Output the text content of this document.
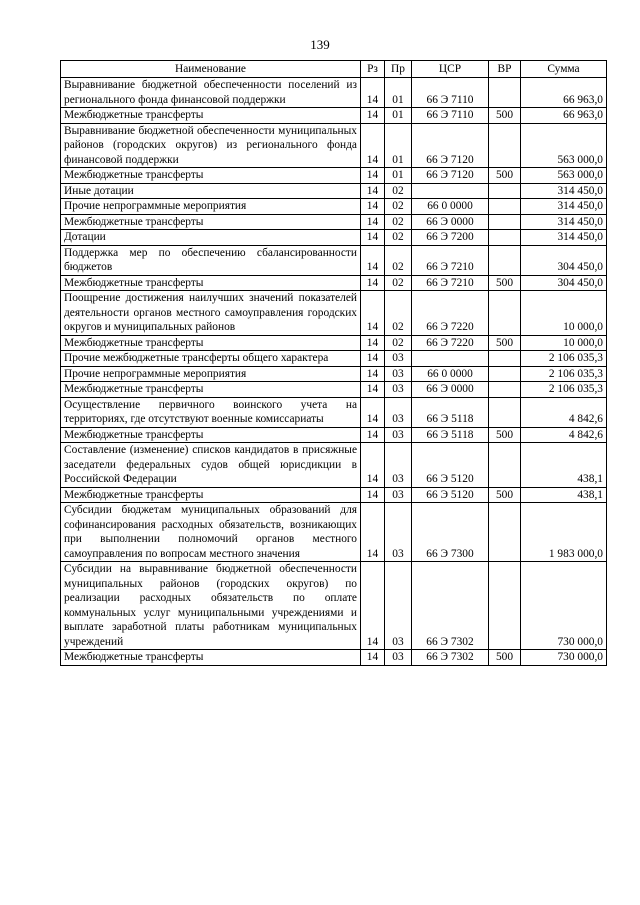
139
Наименование	Рз	Пр	ЦСР	ВР	Сумма
Выравнивание бюджетной обеспеченности поселений из регионального фонда финансовой поддержки	14	01	66 Э 7110		66 963,0
Межбюджетные трансферты	14	01	66 Э 7110	500	66 963,0
Выравнивание бюджетной обеспеченности муниципальных районов (городских округов) из регионального фонда финансовой поддержки	14	01	66 Э 7120		563 000,0
Межбюджетные трансферты	14	01	66 Э 7120	500	563 000,0
Иные дотации	14	02			314 450,0
Прочие непрограммные мероприятия	14	02	66 0 0000		314 450,0
Межбюджетные трансферты	14	02	66 Э 0000		314 450,0
Дотации	14	02	66 Э 7200		314 450,0
Поддержка мер по обеспечению сбалансированности бюджетов	14	02	66 Э 7210		304 450,0
Межбюджетные трансферты	14	02	66 Э 7210	500	304 450,0
Поощрение достижения наилучших значений показателей деятельности органов местного самоуправления городских округов и муниципальных районов	14	02	66 Э 7220		10 000,0
Межбюджетные трансферты	14	02	66 Э 7220	500	10 000,0
Прочие межбюджетные трансферты общего характера	14	03			2 106 035,3
Прочие непрограммные мероприятия	14	03	66 0 0000		2 106 035,3
Межбюджетные трансферты	14	03	66 Э 0000		2 106 035,3
Осуществление первичного воинского учета на территориях, где отсутствуют военные комиссариаты	14	03	66 Э 5118		4 842,6
Межбюджетные трансферты	14	03	66 Э 5118	500	4 842,6
Составление (изменение) списков кандидатов в присяжные заседатели федеральных судов общей юрисдикции в Российской Федерации	14	03	66 Э 5120		438,1
Межбюджетные трансферты	14	03	66 Э 5120	500	438,1
Субсидии бюджетам муниципальных образований для софинансирования расходных обязательств, возникающих при выполнении полномочий органов местного самоуправления по вопросам местного значения	14	03	66 Э 7300		1 983 000,0
Субсидии на выравнивание бюджетной обеспеченности муниципальных районов (городских округов) по реализации расходных обязательств по оплате коммунальных услуг муниципальными учреждениями и выплате заработной платы работникам муниципальных учреждений	14	03	66 Э 7302		730 000,0
Межбюджетные трансферты	14	03	66 Э 7302	500	730 000,0
